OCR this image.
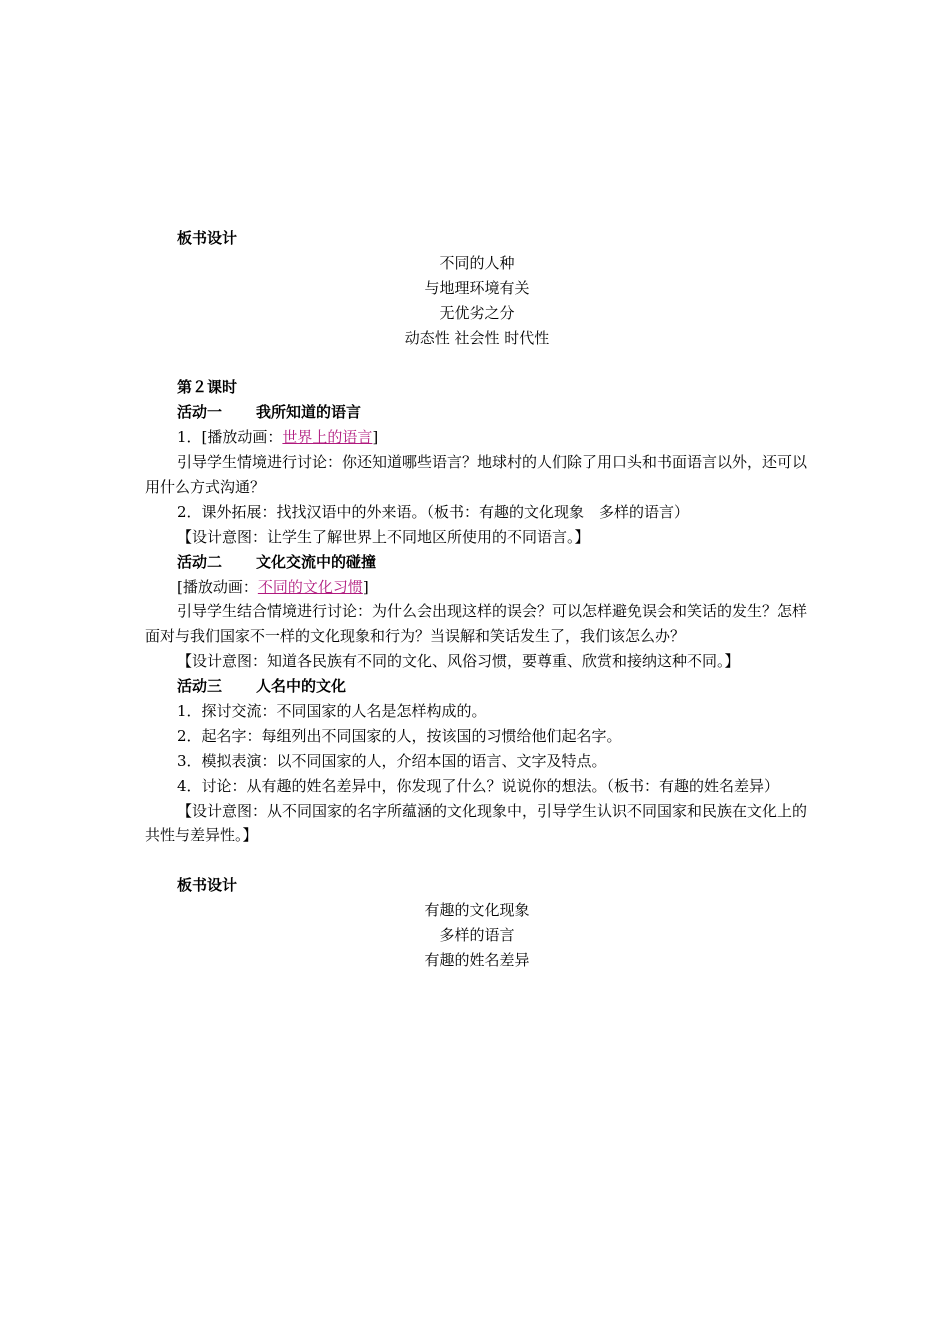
板书设计
不同的人种
与地理环境有关
无优劣之分
动态性 社会性 时代性
第２课时
活动一 我所知道的语言
1．[播放动画：世界上的语言]
引导学生情境进行讨论：你还知道哪些语言？地球村的人们除了用口头和书面语言以外，还可以用什么方式沟通？
2．课外拓展：找找汉语中的外来语。（板书：有趣的文化现象　多样的语言）
【设计意图：让学生了解世界上不同地区所使用的不同语言。】
活动二 文化交流中的碰撞
[播放动画：不同的文化习惯]
引导学生结合情境进行讨论：为什么会出现这样的误会？可以怎样避免误会和笑话的发生？怎样面对与我们国家不一样的文化现象和行为？当误解和笑话发生了，我们该怎么办？
【设计意图：知道各民族有不同的文化、风俗习惯，要尊重、欣赏和接纳这种不同。】
活动三 人名中的文化
1．探讨交流：不同国家的人名是怎样构成的。
2．起名字：每组列出不同国家的人，按该国的习惯给他们起名字。
3．模拟表演：以不同国家的人，介绍本国的语言、文字及特点。
4．讨论：从有趣的姓名差异中，你发现了什么？说说你的想法。（板书：有趣的姓名差异）
【设计意图：从不同国家的名字所蕴涵的文化现象中，引导学生认识不同国家和民族在文化上的共性与差异性。】
板书设计
有趣的文化现象
多样的语言
有趣的姓名差异
